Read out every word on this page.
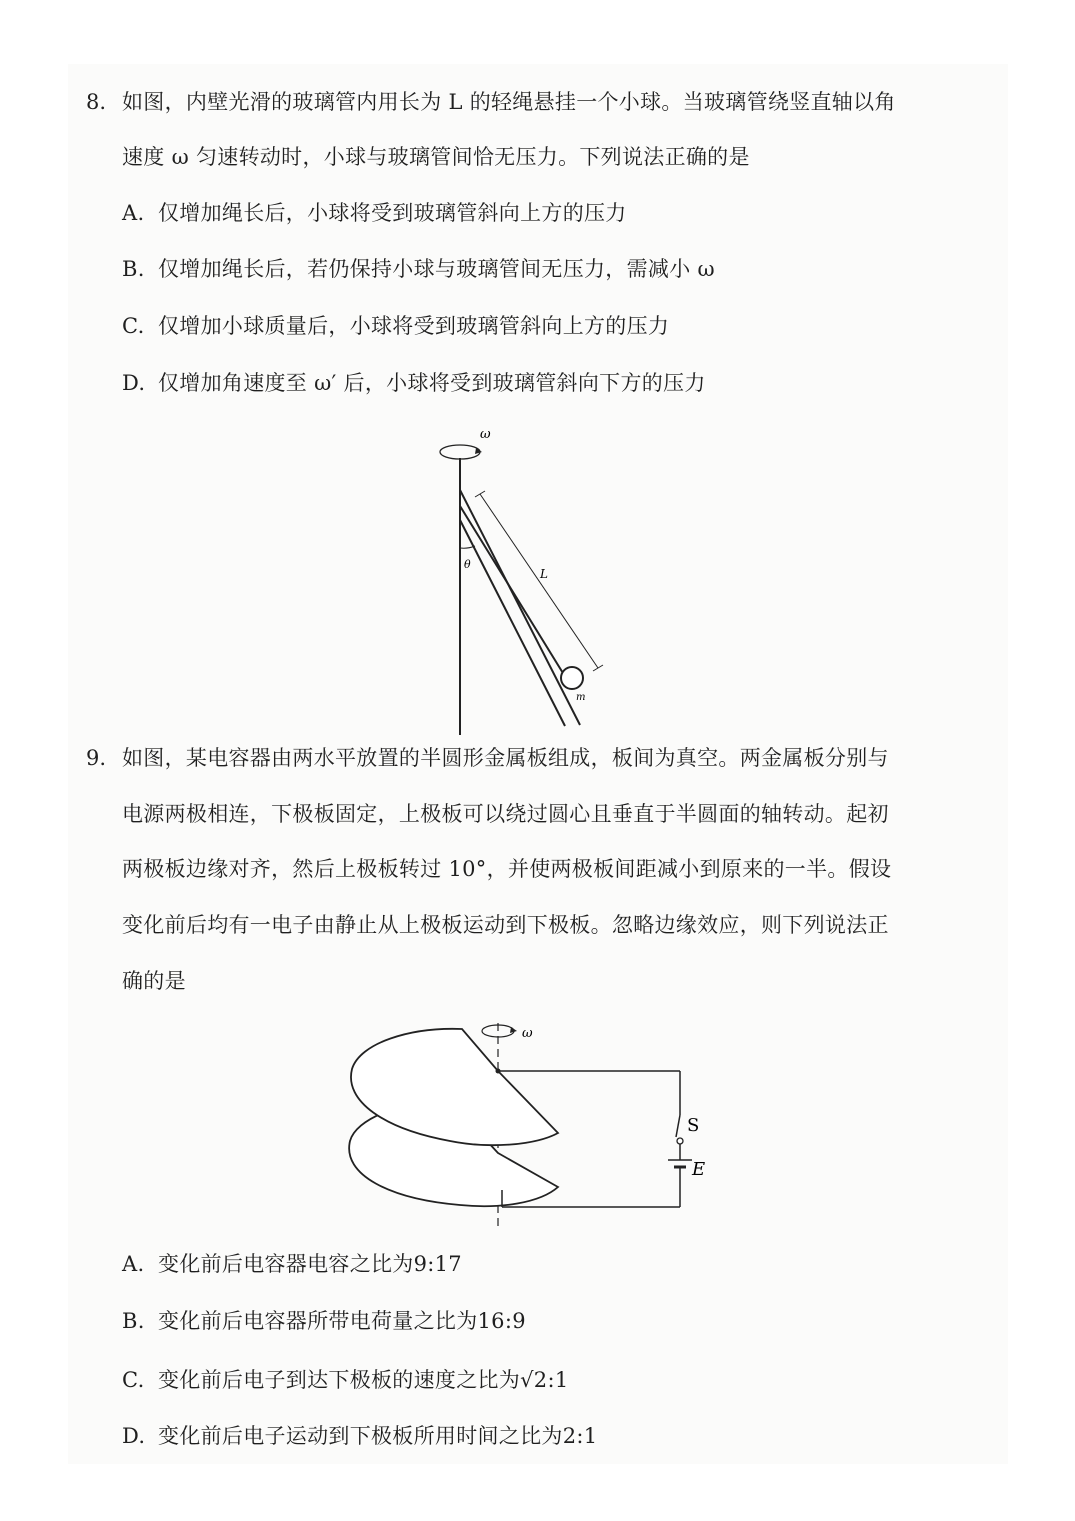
8. 如图，内壁光滑的玻璃管内用长为 L 的轻绳悬挂一个小球。当玻璃管绕竖直轴以角
速度 ω 匀速转动时，小球与玻璃管间恰无压力。下列说法正确的是
A. 仅增加绳长后，小球将受到玻璃管斜向上方的压力
B. 仅增加绳长后，若仍保持小球与玻璃管间无压力，需减小 ω
C. 仅增加小球质量后，小球将受到玻璃管斜向上方的压力
D. 仅增加角速度至 ω′ 后，小球将受到玻璃管斜向下方的压力
ω
m
L
θ
9. 如图，某电容器由两水平放置的半圆形金属板组成，板间为真空。两金属板分别与
电源两极相连，下极板固定，上极板可以绕过圆心且垂直于半圆面的轴转动。起初
两极板边缘对齐，然后上极板转过 10°，并使两极板间距减小到原来的一半。假设
变化前后均有一电子由静止从上极板运动到下极板。忽略边缘效应，则下列说法正
确的是
ω
S
E
A. 变化前后电容器电容之比为9:17
B. 变化前后电容器所带电荷量之比为16:9
C. 变化前后电子到达下极板的速度之比为√2:1
D. 变化前后电子运动到下极板所用时间之比为2:1
